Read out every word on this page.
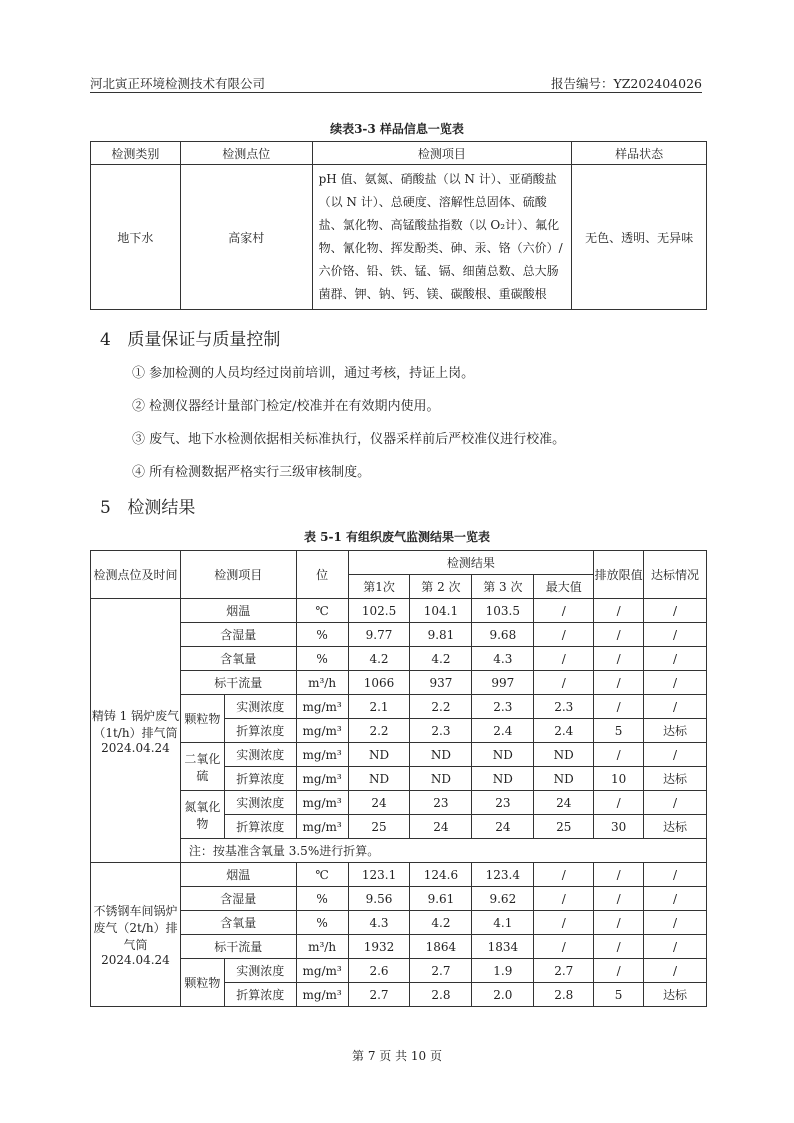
河北寅正环境检测技术有限公司	报告编号：YZ202404026
续表3-3 样品信息一览表
检测类别	检测点位	检测项目	样品状态
地下水	高家村	pH 值、氨氮、硝酸盐（以 N 计）、亚硝酸盐（以 N 计）、总硬度、溶解性总固体、硫酸盐、氯化物、高锰酸盐指数（以 O₂计）、氟化物、氰化物、挥发酚类、砷、汞、铬（六价）/六价铬、铅、铁、锰、镉、细菌总数、总大肠菌群、钾、钠、钙、镁、碳酸根、重碳酸根	无色、透明、无异味
4 质量保证与质量控制
① 参加检测的人员均经过岗前培训，通过考核，持证上岗。
② 检测仪器经计量部门检定/校准并在有效期内使用。
③ 废气、地下水检测依据相关标准执行，仪器采样前后严校准仪进行校准。
④ 所有检测数据严格实行三级审核制度。
5 检测结果
表 5-1 有组织废气监测结果一览表
检测点位及时间	检测项目		位	检测结果				排放限值	达标情况
				第1次	第 2 次	第 3 次	最大值		
精铸 1 锅炉废气（1t/h）排气筒 2024.04.24	烟温		℃	102.5	104.1	103.5	/	/	/
	含湿量		%	9.77	9.81	9.68	/	/	/
	含氧量		%	4.2	4.2	4.3	/	/	/
	标干流量		m³/h	1066	937	997	/	/	/
	颗粒物	实测浓度	mg/m³	2.1	2.2	2.3	2.3	/	/
		折算浓度	mg/m³	2.2	2.3	2.4	2.4	5	达标
	二氧化硫	实测浓度	mg/m³	ND	ND	ND	ND	/	/
		折算浓度	mg/m³	ND	ND	ND	ND	10	达标
	氮氧化物	实测浓度	mg/m³	24	23	23	24	/	/
		折算浓度	mg/m³	25	24	24	25	30	达标
	注：按基准含氧量 3.5%进行折算。								
不锈钢车间锅炉废气（2t/h）排气筒 2024.04.24	烟温		℃	123.1	124.6	123.4	/	/	/
	含湿量		%	9.56	9.61	9.62	/	/	/
	含氧量		%	4.3	4.2	4.1	/	/	/
	标干流量		m³/h	1932	1864	1834	/	/	/
	颗粒物	实测浓度	mg/m³	2.6	2.7	1.9	2.7	/	/
		折算浓度	mg/m³	2.7	2.8	2.0	2.8	5	达标
第 7 页 共 10 页
